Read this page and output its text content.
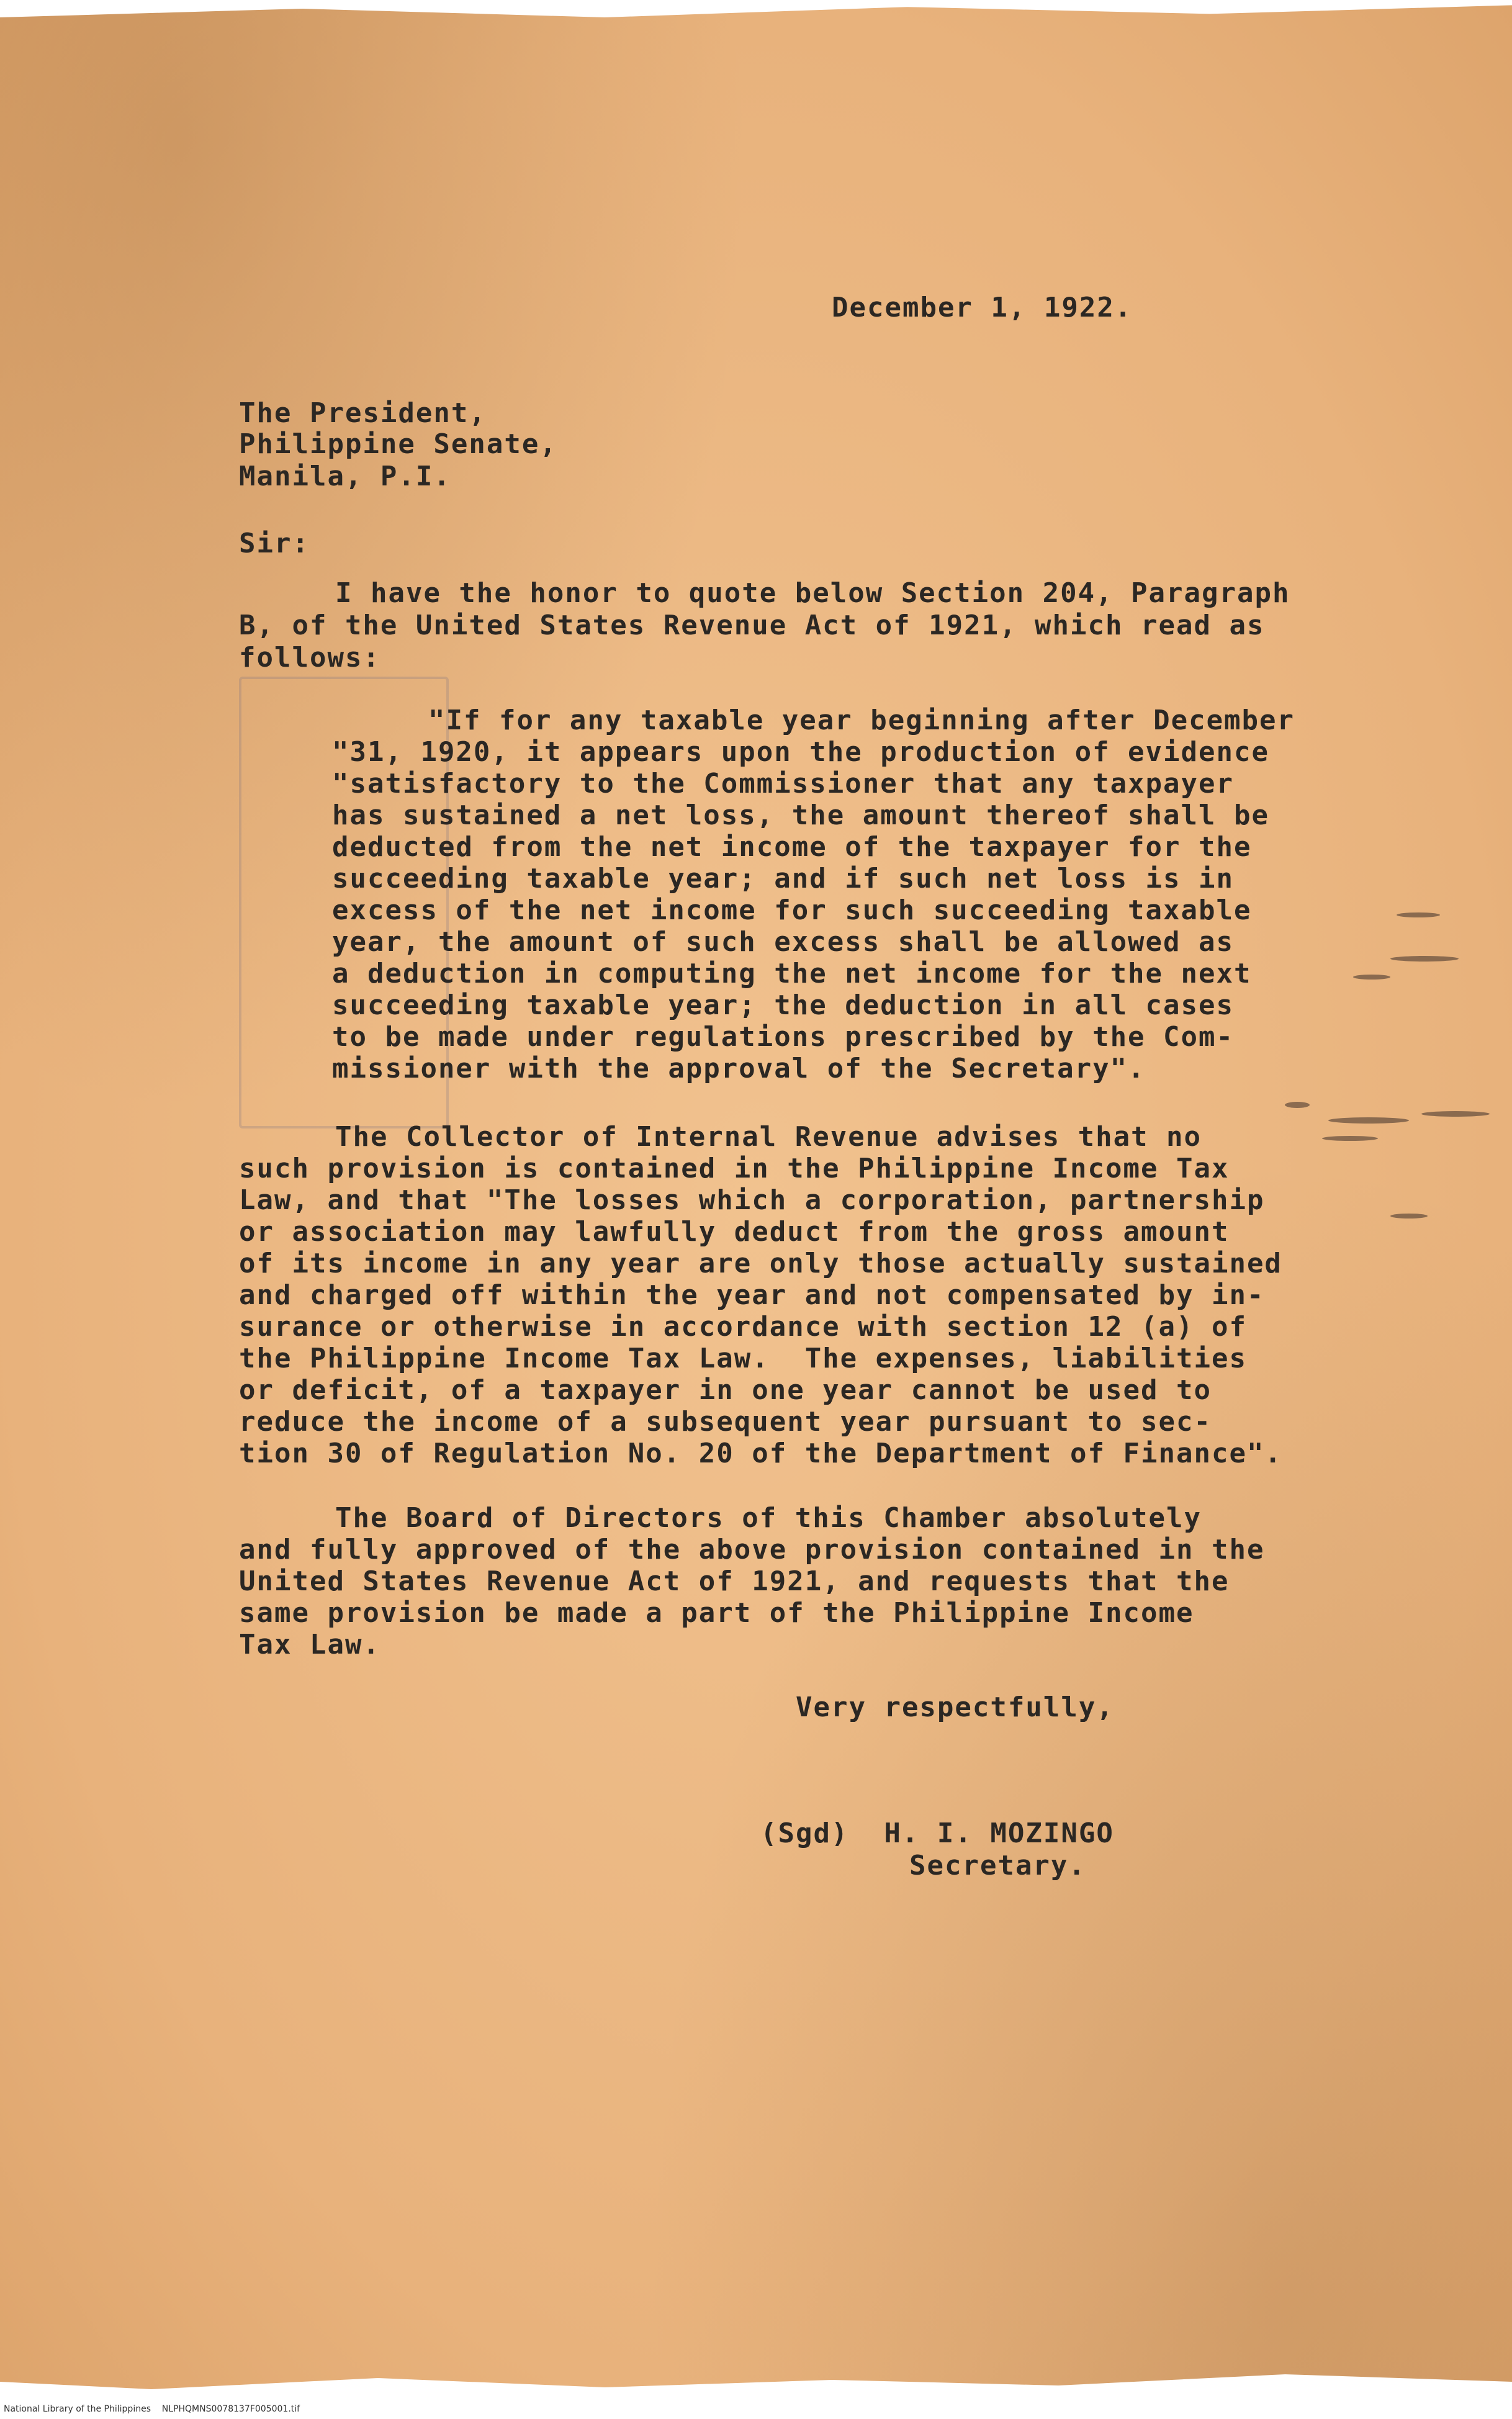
December 1, 1922.
The President,
Philippine Senate,
Manila, P.I.
Sir:
I have the honor to quote below Section 204, Paragraph
B, of the United States Revenue Act of 1921, which read as
follows:
"If for any taxable year beginning after December
"31, 1920, it appears upon the production of evidence
"satisfactory to the Commissioner that any taxpayer
has sustained a net loss, the amount thereof shall be
deducted from the net income of the taxpayer for the
succeeding taxable year; and if such net loss is in
excess of the net income for such succeeding taxable
year, the amount of such excess shall be allowed as
a deduction in computing the net income for the next
succeeding taxable year; the deduction in all cases
to be made under regulations prescribed by the Com-
missioner with the approval of the Secretary".
The Collector of Internal Revenue advises that no
such provision is contained in the Philippine Income Tax
Law, and that "The losses which a corporation, partnership
or association may lawfully deduct from the gross amount
of its income in any year are only those actually sustained
and charged off within the year and not compensated by in-
surance or otherwise in accordance with section 12 (a) of
the Philippine Income Tax Law.  The expenses, liabilities
or deficit, of a taxpayer in one year cannot be used to
reduce the income of a subsequent year pursuant to sec-
tion 30 of Regulation No. 20 of the Department of Finance".
The Board of Directors of this Chamber absolutely
and fully approved of the above provision contained in the
United States Revenue Act of 1921, and requests that the
same provision be made a part of the Philippine Income
Tax Law.
Very respectfully,
(Sgd)  H. I. MOZINGO
Secretary.
National Library of the Philippines    NLPHQMNS0078137F005001.tif
